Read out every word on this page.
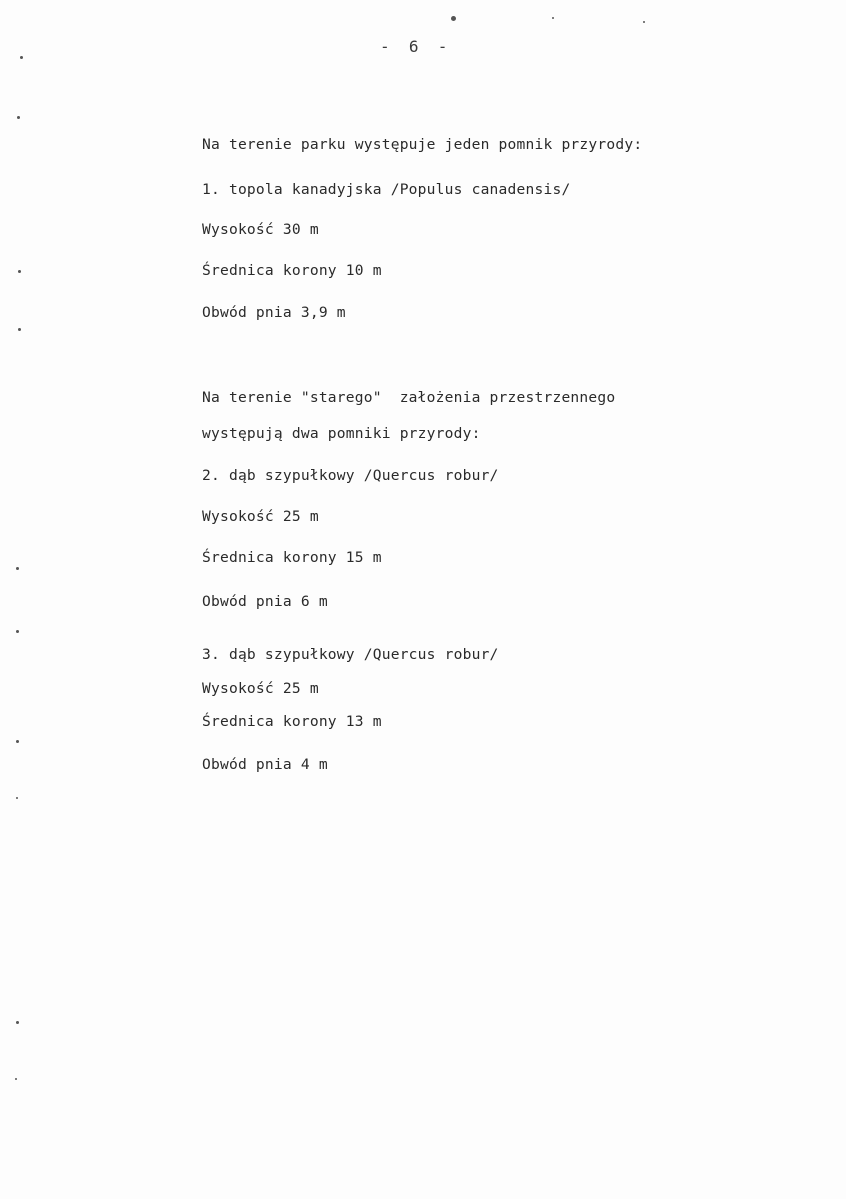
-  6  -

Na terenie parku występuje jeden pomnik przyrody:

1. topola kanadyjska /Populus canadensis/

Wysokość 30 m

Średnica korony 10 m

Obwód pnia 3,9 m

Na terenie "starego"  założenia przestrzennego

występują dwa pomniki przyrody:

2. dąb szypułkowy /Quercus robur/

Wysokość 25 m

Średnica korony 15 m

Obwód pnia 6 m

3. dąb szypułkowy /Quercus robur/

Wysokość 25 m

Średnica korony 13 m

Obwód pnia 4 m
